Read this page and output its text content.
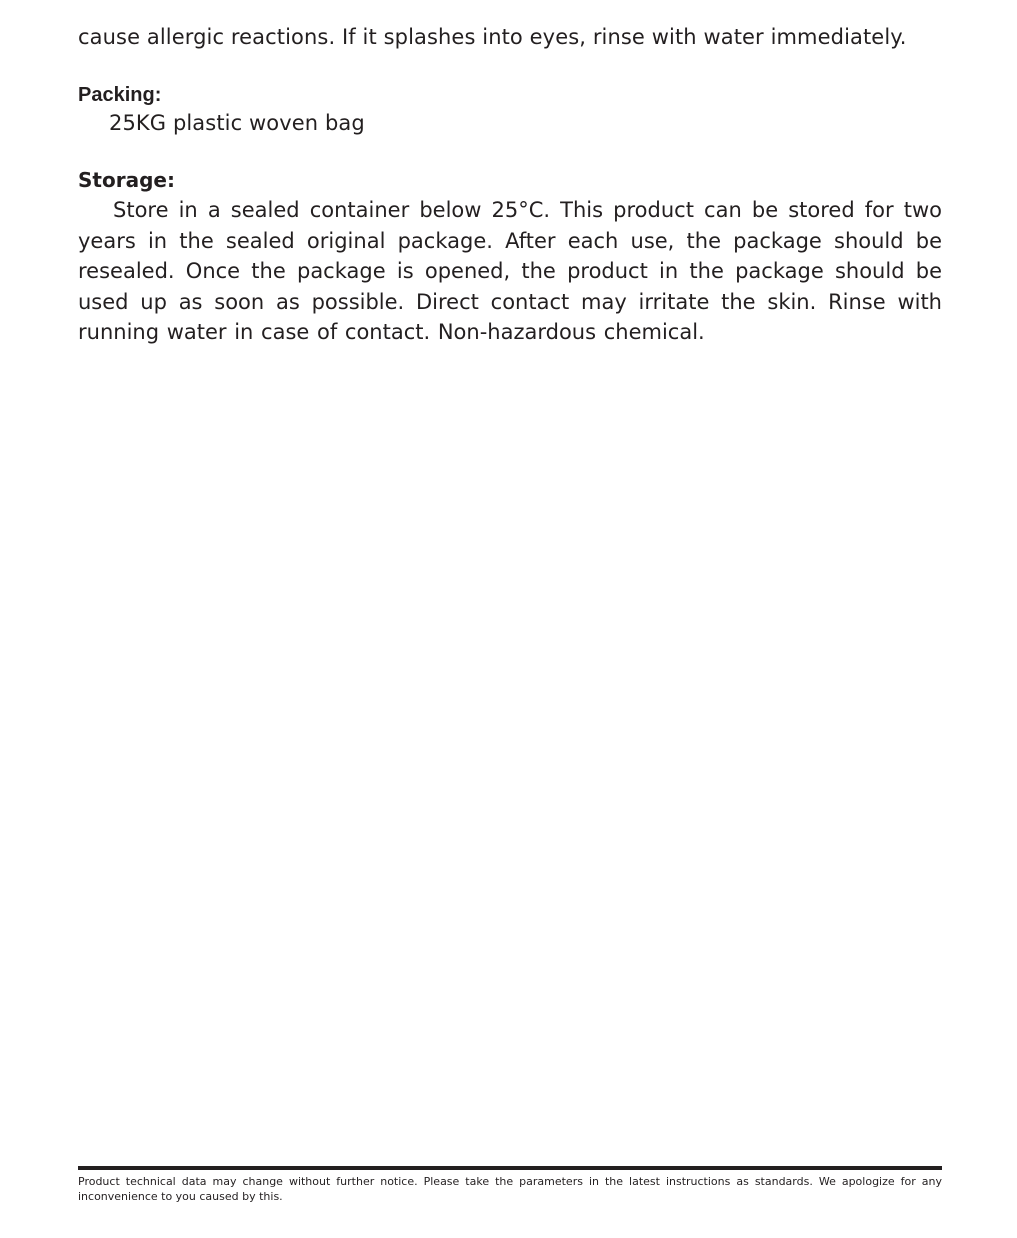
cause allergic reactions. If it splashes into eyes, rinse with water immediately.
Packing:
25KG plastic woven bag
Storage:

Store in a sealed container below 25°C. This product can be stored for two years in the sealed original package. After each use, the package should be resealed. Once the package is opened, the product in the package should be used up as soon as possible. Direct contact may irritate the skin. Rinse with running water in case of contact. Non-hazardous chemical.

Product technical data may change without further notice. Please take the parameters in the latest instructions as standards. We apologize for any inconvenience to you caused by this.
